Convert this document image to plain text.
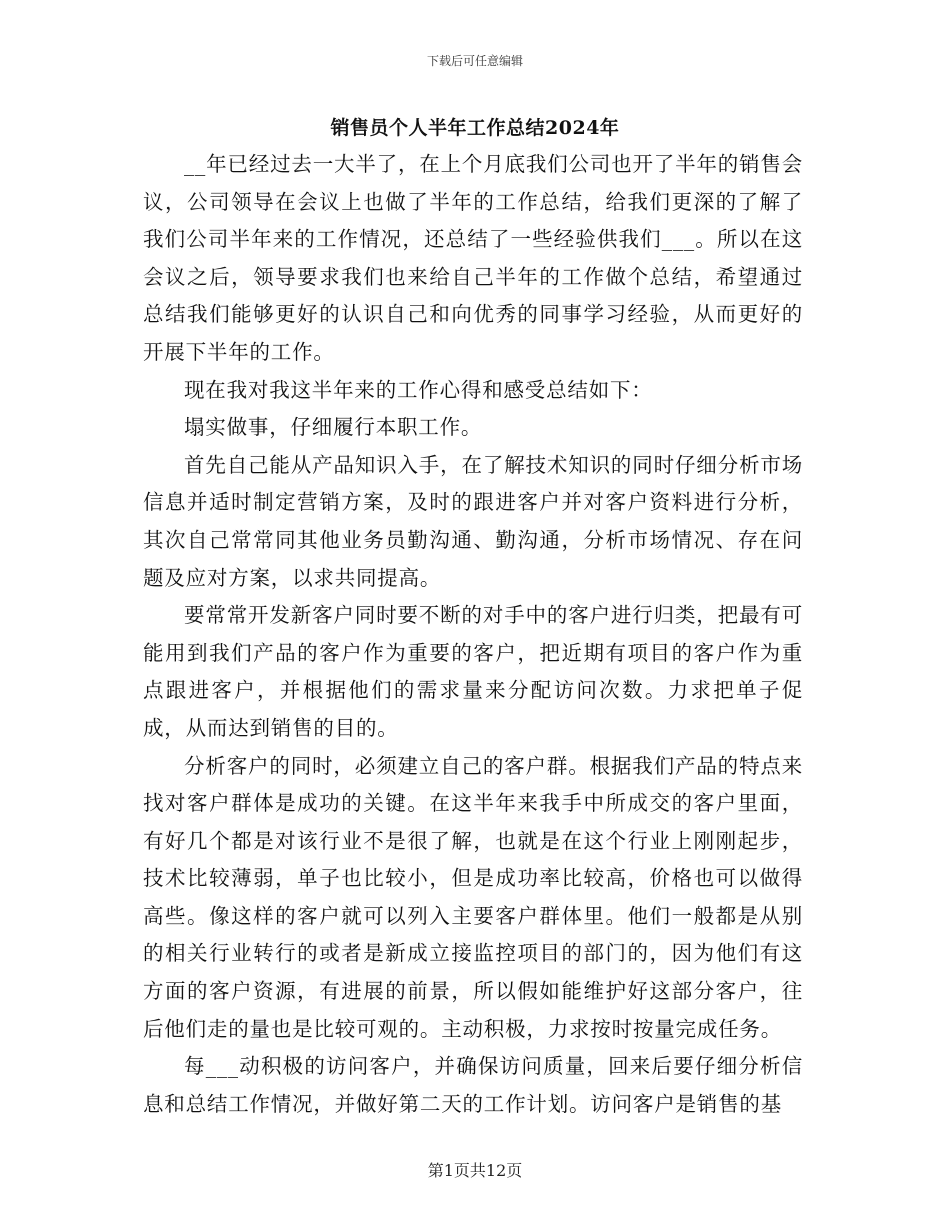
下载后可任意编辑
销售员个人半年工作总结2024年

__年已经过去一大半了，在上个月底我们公司也开了半年的销售会议，公司领导在会议上也做了半年的工作总结，给我们更深的了解了我们公司半年来的工作情况，还总结了一些经验供我们___。所以在这会议之后，领导要求我们也来给自己半年的工作做个总结，希望通过总结我们能够更好的认识自己和向优秀的同事学习经验，从而更好的开展下半年的工作。

现在我对我这半年来的工作心得和感受总结如下：

塌实做事，仔细履行本职工作。

首先自己能从产品知识入手，在了解技术知识的同时仔细分析市场信息并适时制定营销方案，及时的跟进客户并对客户资料进行分析，其次自己常常同其他业务员勤沟通、勤沟通，分析市场情况、存在问题及应对方案，以求共同提高。

要常常开发新客户同时要不断的对手中的客户进行归类，把最有可能用到我们产品的客户作为重要的客户，把近期有项目的客户作为重点跟进客户，并根据他们的需求量来分配访问次数。力求把单子促成，从而达到销售的目的。

分析客户的同时，必须建立自己的客户群。根据我们产品的特点来找对客户群体是成功的关键。在这半年来我手中所成交的客户里面，有好几个都是对该行业不是很了解，也就是在这个行业上刚刚起步，技术比较薄弱，单子也比较小，但是成功率比较高，价格也可以做得高些。像这样的客户就可以列入主要客户群体里。他们一般都是从别的相关行业转行的或者是新成立接监控项目的部门的，因为他们有这方面的客户资源，有进展的前景，所以假如能维护好这部分客户，往后他们走的量也是比较可观的。主动积极，力求按时按量完成任务。

每___动积极的访问客户，并确保访问质量，回来后要仔细分析信息和总结工作情况，并做好第二天的工作计划。访问客户是销售的基

第1页共12页
